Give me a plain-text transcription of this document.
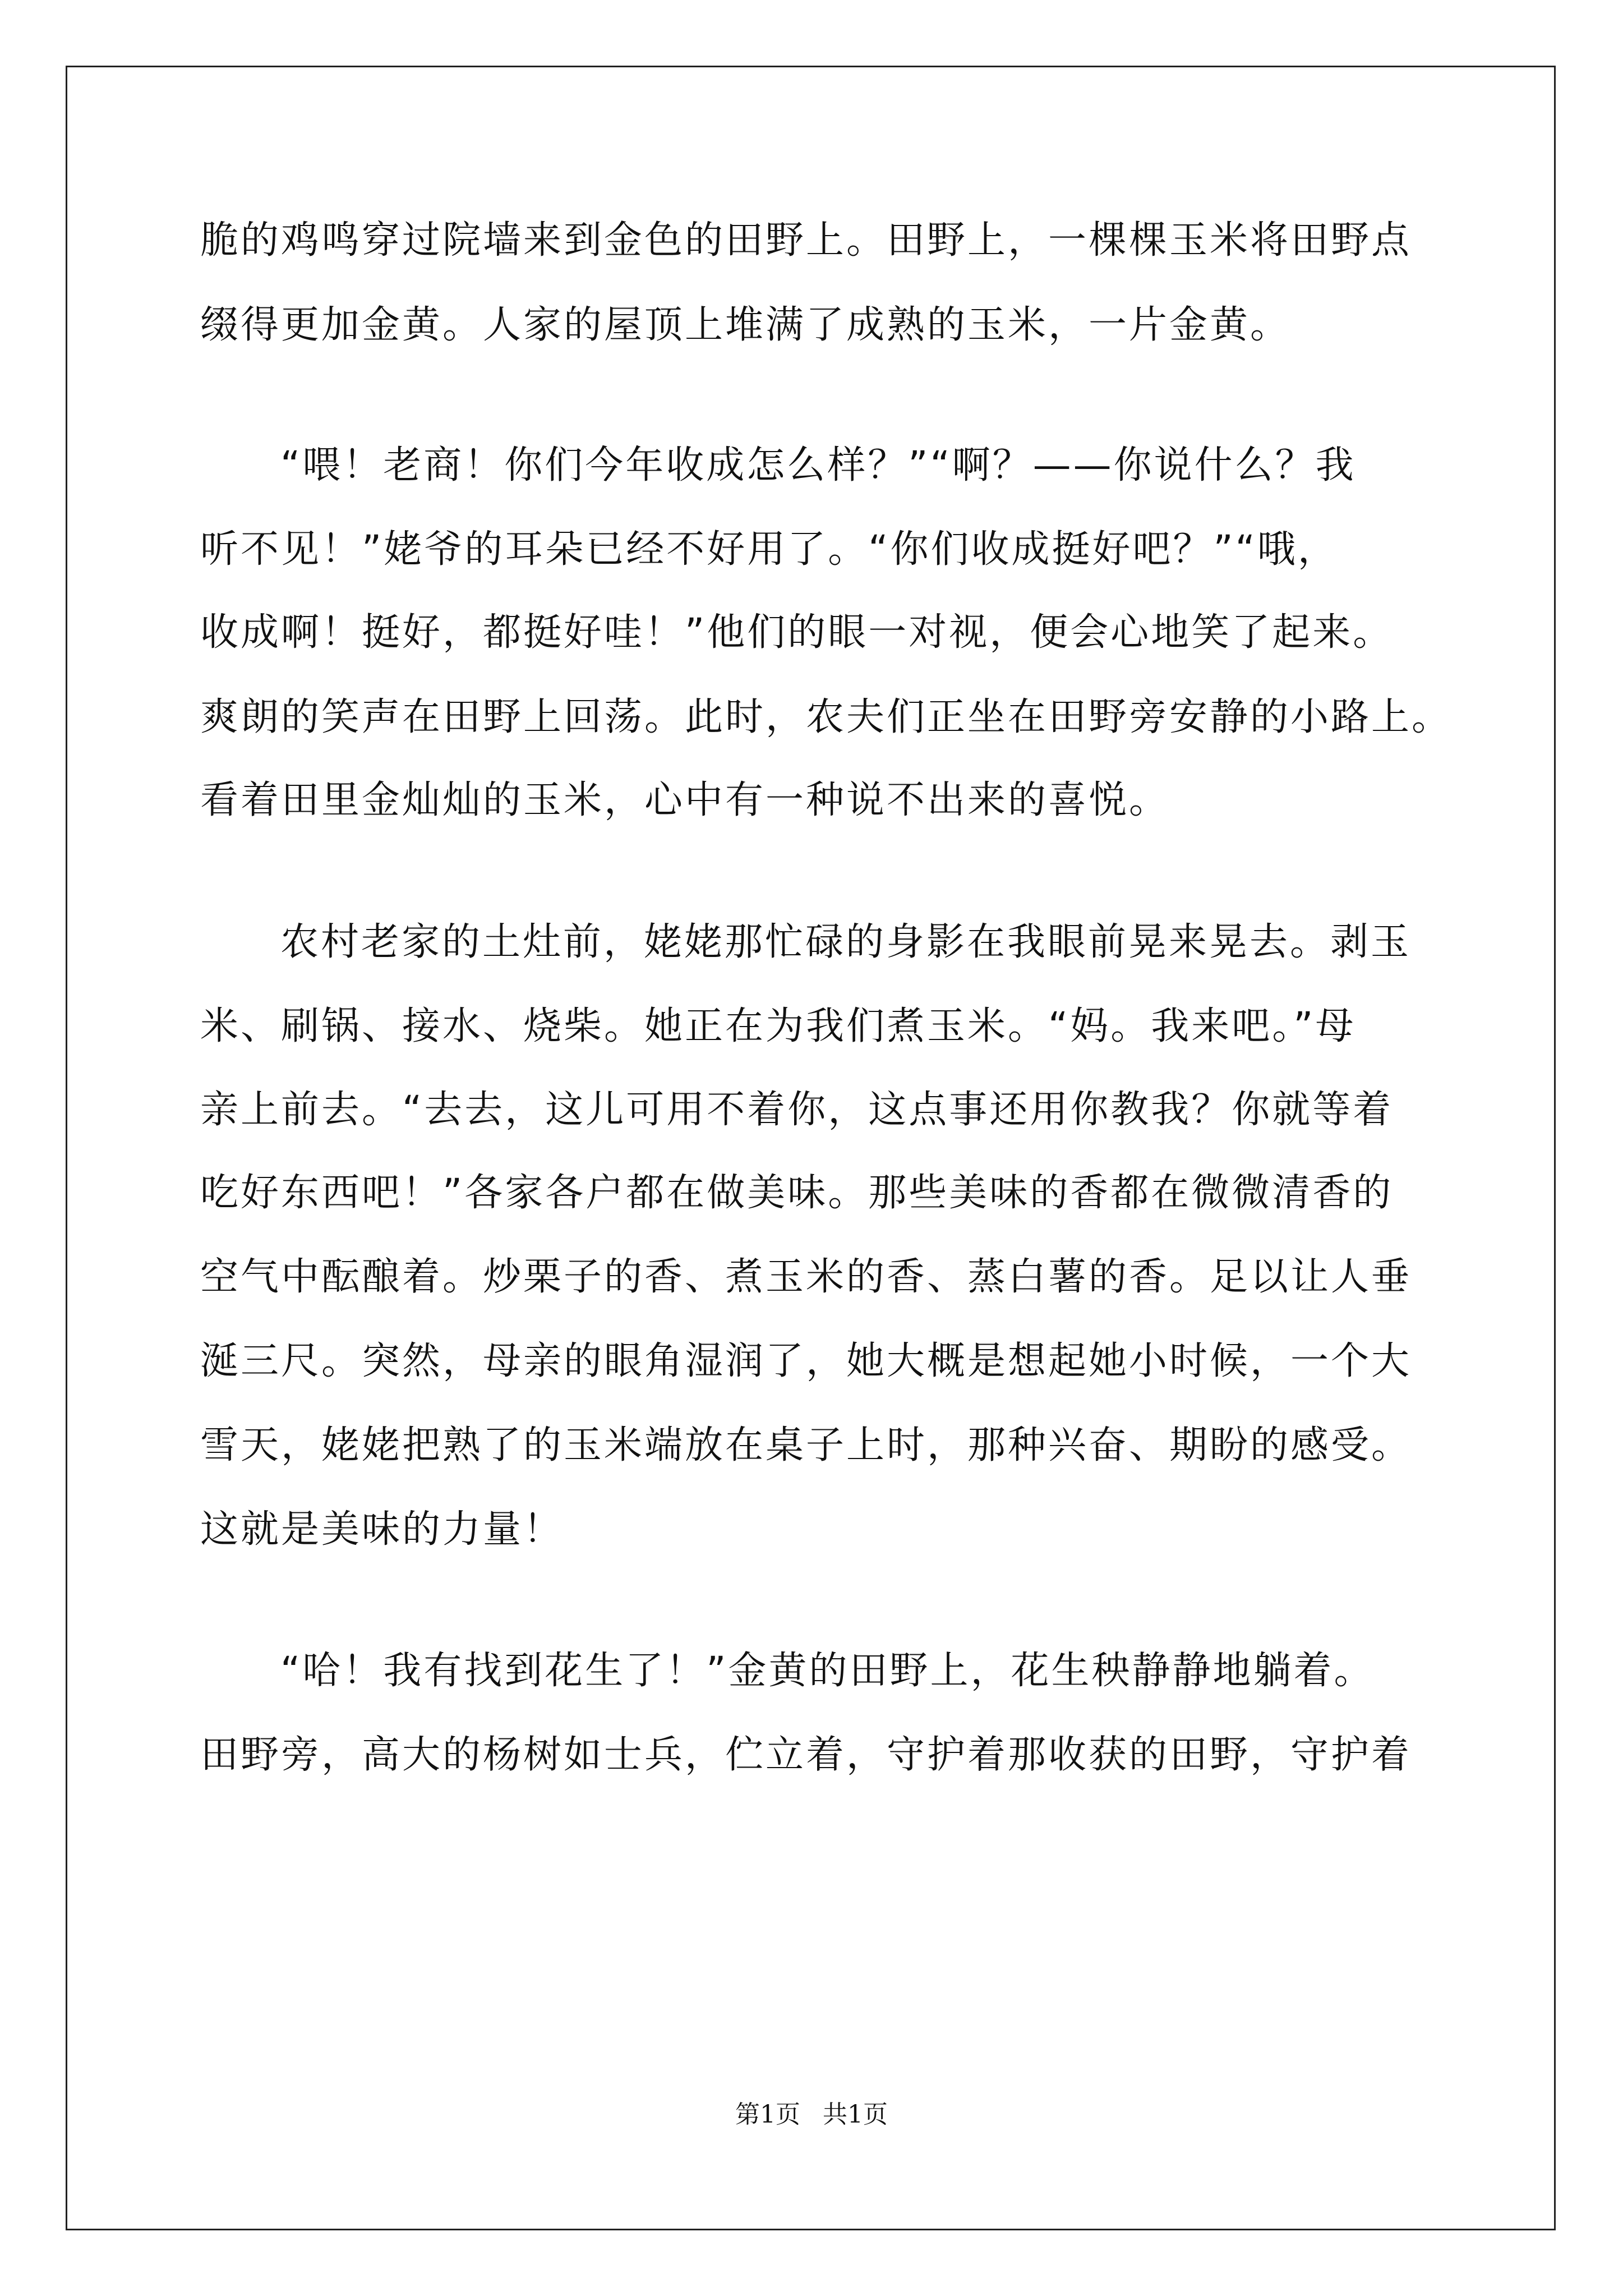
脆的鸡鸣穿过院墙来到金色的田野上。田野上，一棵棵玉米将田野点
缀得更加金黄。人家的屋顶上堆满了成熟的玉米，一片金黄。
“喂！老商！你们今年收成怎么样？”“啊？——你说什么？我
听不见！”姥爷的耳朵已经不好用了。“你们收成挺好吧？”“哦，
收成啊！挺好，都挺好哇！”他们的眼一对视，便会心地笑了起来。
爽朗的笑声在田野上回荡。此时，农夫们正坐在田野旁安静的小路上。
看着田里金灿灿的玉米，心中有一种说不出来的喜悦。
农村老家的土灶前，姥姥那忙碌的身影在我眼前晃来晃去。剥玉
米、刷锅、接水、烧柴。她正在为我们煮玉米。“妈。我来吧。”母
亲上前去。“去去，这儿可用不着你，这点事还用你教我？你就等着
吃好东西吧！”各家各户都在做美味。那些美味的香都在微微清香的
空气中酝酿着。炒栗子的香、煮玉米的香、蒸白薯的香。足以让人垂
涎三尺。突然，母亲的眼角湿润了，她大概是想起她小时候，一个大
雪天，姥姥把熟了的玉米端放在桌子上时，那种兴奋、期盼的感受。
这就是美味的力量！
“哈！我有找到花生了！”金黄的田野上，花生秧静静地躺着。
田野旁，高大的杨树如士兵，伫立着，守护着那收获的田野，守护着
第1页 共1页
